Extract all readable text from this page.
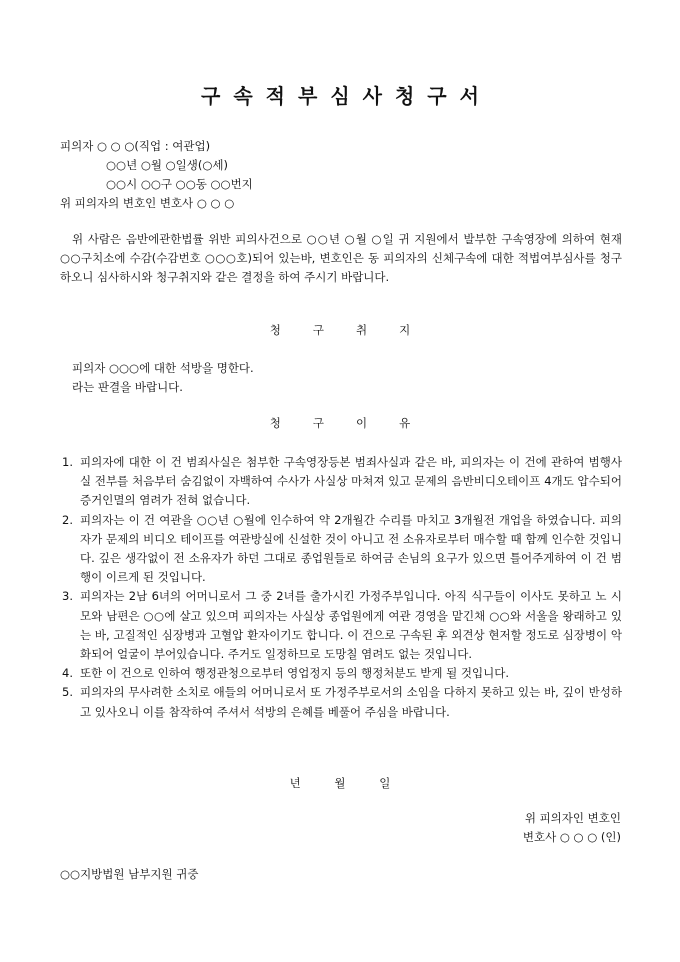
구속적부심사청구서
피의자 ○ ○ ○(직업 : 여관업)
○○년 ○월 ○일생(○세)
○○시 ○○구 ○○동 ○○번지
위 피의자의 변호인 변호사 ○ ○ ○
위 사람은 음반에관한법률 위반 피의사건으로 ○○년 ○월 ○일 귀 지원에서 발부한 구속영장에 의하여 현재 ○○구치소에 수감(수감번호 ○○○호)되어 있는바, 변호인은 동 피의자의 신체구속에 대한 적법여부심사를 청구하오니 심사하시와 청구취지와 같은 결정을 하여 주시기 바랍니다.
청구취지
피의자 ○○○에 대한 석방을 명한다.
라는 판결을 바랍니다.
청구이유
1. 피의자에 대한 이 건 범죄사실은 첨부한 구속영장등본 범죄사실과 같은 바, 피의자는 이 건에 관하여 범행사실 전부를 처음부터 숨김없이 자백하여 수사가 사실상 마쳐져 있고 문제의 음반비디오테이프 4개도 압수되어 증거인멸의 염려가 전혀 없습니다.
2. 피의자는 이 건 여관을 ○○년 ○월에 인수하여 약 2개월간 수리를 마치고 3개월전 개업을 하였습니다. 피의자가 문제의 비디오 테이프를 여관방실에 신설한 것이 아니고 전 소유자로부터 매수할 때 함께 인수한 것입니다. 깊은 생각없이 전 소유자가 하던 그대로 종업원들로 하여금 손님의 요구가 있으면 틀어주게하여 이 건 범행이 이르게 된 것입니다.
3. 피의자는 2남 6녀의 어머니로서 그 중 2녀를 출가시킨 가정주부입니다. 아직 식구들이 이사도 못하고 노 시모와 남편은 ○○에 살고 있으며 피의자는 사실상 종업원에게 여관 경영을 맡긴채 ○○와 서울을 왕래하고 있는 바, 고질적인 심장병과 고혈압 환자이기도 합니다. 이 건으로 구속된 후 외견상 현저할 정도로 심장병이 악화되어 얼굴이 부어있습니다. 주거도 일정하므로 도망칠 염려도 없는 것입니다.
4. 또한 이 건으로 인하여 행정관청으로부터 영업정지 등의 행정처분도 받게 될 것입니다.
5. 피의자의 무사려한 소치로 애들의 어머니로서 또 가정주부로서의 소임을 다하지 못하고 있는 바, 깊이 반성하고 있사오니 이를 참작하여 주셔서 석방의 은혜를 베풀어 주심을 바랍니다.
년 월 일
위 피의자인 변호인
변호사 ○ ○ ○ (인)
○○지방법원 남부지원 귀중
